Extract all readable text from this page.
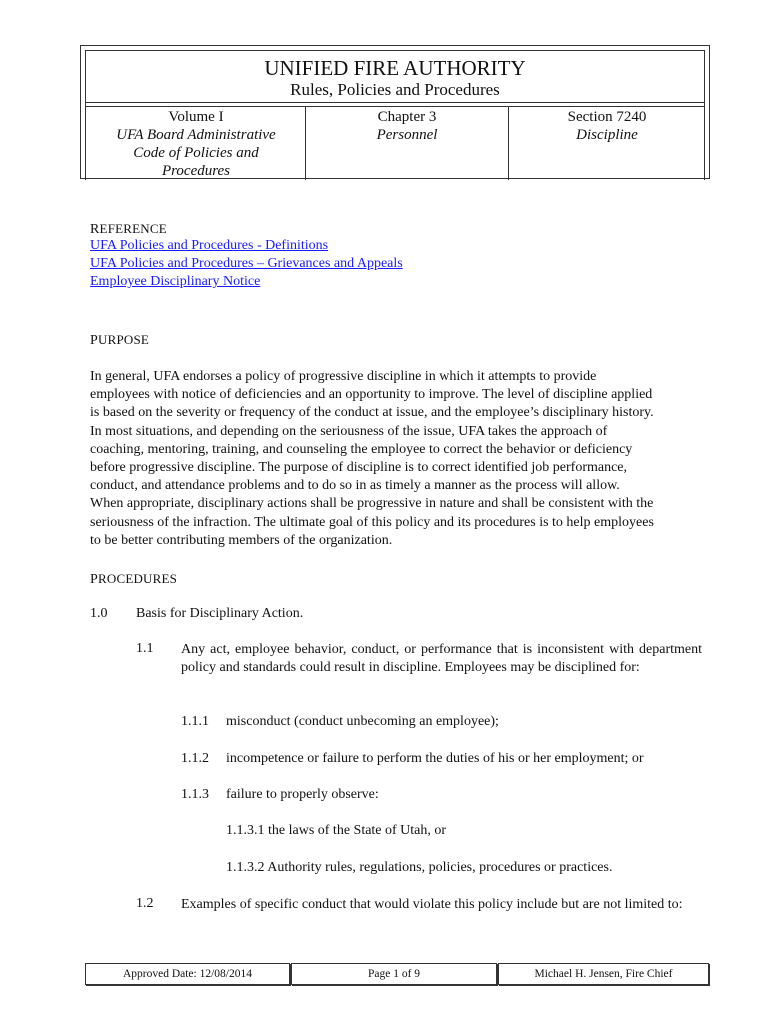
UNIFIED FIRE AUTHORITY
Rules, Policies and Procedures
Volume I
UFA Board Administrative
Code of Policies and
Procedures
Chapter 3
Personnel
Section 7240
Discipline
REFERENCE
UFA Policies and Procedures - Definitions
UFA Policies and Procedures – Grievances and Appeals
Employee Disciplinary Notice
PURPOSE
In general, UFA endorses a policy of progressive discipline in which it attempts to provide
employees with notice of deficiencies and an opportunity to improve. The level of discipline applied
is based on the severity or frequency of the conduct at issue, and the employee’s disciplinary history.
In most situations, and depending on the seriousness of the issue, UFA takes the approach of
coaching, mentoring, training, and counseling the employee to correct the behavior or deficiency
before progressive discipline. The purpose of discipline is to correct identified job performance,
conduct, and attendance problems and to do so in as timely a manner as the process will allow.
When appropriate, disciplinary actions shall be progressive in nature and shall be consistent with the
seriousness of the infraction. The ultimate goal of this policy and its procedures is to help employees
to be better contributing members of the organization.
PROCEDURES
1.0 Basis for Disciplinary Action.
1.1 Any act, employee behavior, conduct, or performance that is inconsistent with department policy and standards could result in discipline. Employees may be disciplined for:
1.1.1 misconduct (conduct unbecoming an employee);
1.1.2 incompetence or failure to perform the duties of his or her employment; or
1.1.3 failure to properly observe:
1.1.3.1 the laws of the State of Utah, or
1.1.3.2 Authority rules, regulations, policies, procedures or practices.
1.2 Examples of specific conduct that would violate this policy include but are not limited to:
Approved Date: 12/08/2014	Page 1 of 9	Michael H. Jensen, Fire Chief
